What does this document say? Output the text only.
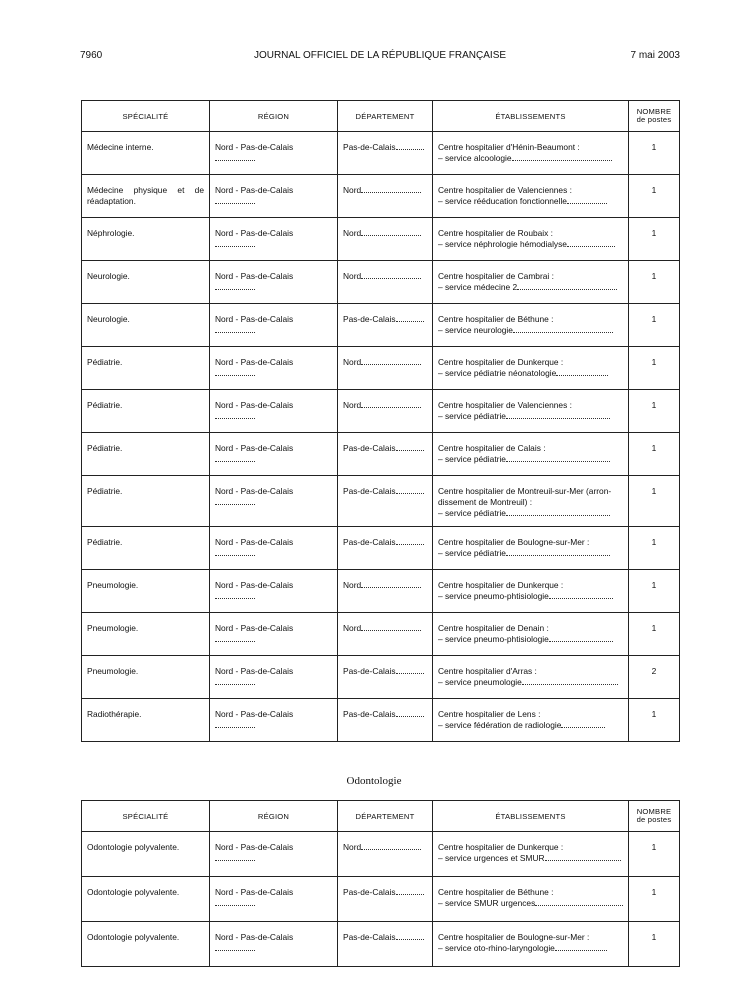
7960	JOURNAL OFFICIEL DE LA RÉPUBLIQUE FRANÇAISE	7 mai 2003
SPÉCIALITÉ	RÉGION	DÉPARTEMENT	ÉTABLISSEMENTS	NOMBRE
de postes
Médecine interne.	Nord - Pas-de-Calais	Pas-de-Calais	Centre hospitalier d'Hénin-Beaumont :
– service alcoologie	1
Médecine physique et de réadaptation.	Nord - Pas-de-Calais	Nord	Centre hospitalier de Valenciennes :
– service rééducation fonctionnelle	1
Néphrologie.	Nord - Pas-de-Calais	Nord	Centre hospitalier de Roubaix :
– service néphrologie hémodialyse	1
Neurologie.	Nord - Pas-de-Calais	Nord	Centre hospitalier de Cambrai :
– service médecine 2	1
Neurologie.	Nord - Pas-de-Calais	Pas-de-Calais	Centre hospitalier de Béthune :
– service neurologie	1
Pédiatrie.	Nord - Pas-de-Calais	Nord	Centre hospitalier de Dunkerque :
– service pédiatrie néonatologie	1
Pédiatrie.	Nord - Pas-de-Calais	Nord	Centre hospitalier de Valenciennes :
– service pédiatrie	1
Pédiatrie.	Nord - Pas-de-Calais	Pas-de-Calais	Centre hospitalier de Calais :
– service pédiatrie	1
Pédiatrie.	Nord - Pas-de-Calais	Pas-de-Calais	Centre hospitalier de Montreuil-sur-Mer (arron-
dissement de Montreuil) :
– service pédiatrie	1
Pédiatrie.	Nord - Pas-de-Calais	Pas-de-Calais	Centre hospitalier de Boulogne-sur-Mer :
– service pédiatrie	1
Pneumologie.	Nord - Pas-de-Calais	Nord	Centre hospitalier de Dunkerque :
– service pneumo-phtisiologie	1
Pneumologie.	Nord - Pas-de-Calais	Nord	Centre hospitalier de Denain :
– service pneumo-phtisiologie	1
Pneumologie.	Nord - Pas-de-Calais	Pas-de-Calais	Centre hospitalier d'Arras :
– service pneumologie	2
Radiothérapie.	Nord - Pas-de-Calais	Pas-de-Calais	Centre hospitalier de Lens :
– service fédération de radiologie	1
Odontologie
SPÉCIALITÉ	RÉGION	DÉPARTEMENT	ÉTABLISSEMENTS	NOMBRE
de postes
Odontologie polyvalente.	Nord - Pas-de-Calais	Nord	Centre hospitalier de Dunkerque :
– service urgences et SMUR	1
Odontologie polyvalente.	Nord - Pas-de-Calais	Pas-de-Calais	Centre hospitalier de Béthune :
– service SMUR urgences	1
Odontologie polyvalente.	Nord - Pas-de-Calais	Pas-de-Calais	Centre hospitalier de Boulogne-sur-Mer :
– service oto-rhino-laryngologie	1
